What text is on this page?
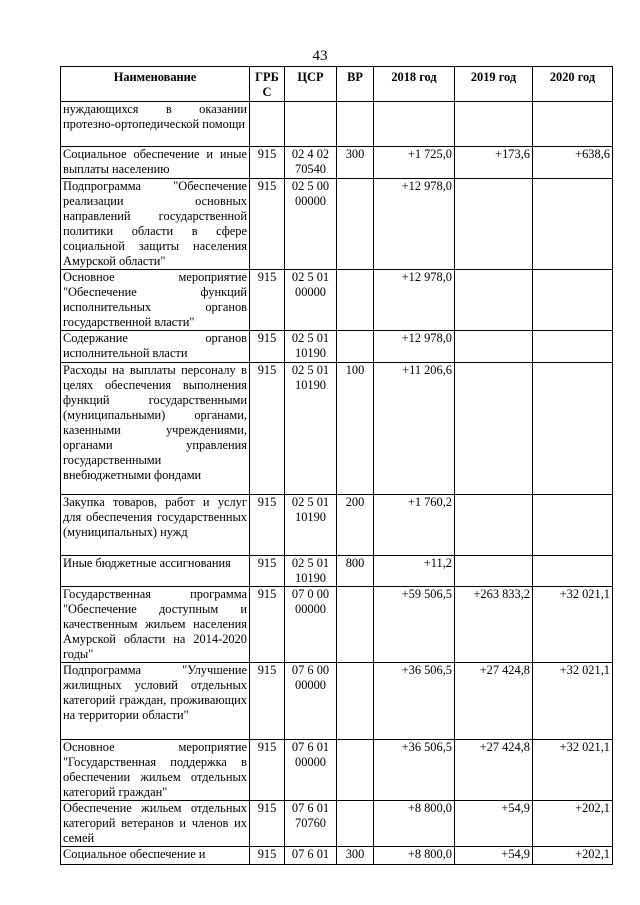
43
Наименование	ГРБС	ЦСР	ВР	2018 год	2019 год	2020 год
нуждающихся в оказании протезно-ортопедической помощи						
Социальное обеспечение и иные выплаты населению	915	02 4 02 70540	300	+1 725,0	+173,6	+638,6
Подпрограмма "Обеспечение реализации основных направлений государственной политики области в сфере социальной защиты населения Амурской области"	915	02 5 00 00000		+12 978,0		
Основное мероприятие "Обеспечение функций исполнительных органов государственной власти"	915	02 5 01 00000		+12 978,0		
Содержание органов исполнительной власти	915	02 5 01 10190		+12 978,0		
Расходы на выплаты персоналу в целях обеспечения выполнения функций государственными (муниципальными) органами, казенными учреждениями, органами управления государственными внебюджетными фондами	915	02 5 01 10190	100	+11 206,6		
Закупка товаров, работ и услуг для обеспечения государственных (муниципальных) нужд	915	02 5 01 10190	200	+1 760,2		
Иные бюджетные ассигнования	915	02 5 01 10190	800	+11,2		
Государственная программа "Обеспечение доступным и качественным жильем населения Амурской области на 2014-2020 годы"	915	07 0 00 00000		+59 506,5	+263 833,2	+32 021,1
Подпрограмма "Улучшение жилищных условий отдельных категорий граждан, проживающих на территории области"	915	07 6 00 00000		+36 506,5	+27 424,8	+32 021,1
Основное мероприятие "Государственная поддержка в обеспечении жильем отдельных категорий граждан"	915	07 6 01 00000		+36 506,5	+27 424,8	+32 021,1
Обеспечение жильем отдельных категорий ветеранов и членов их семей	915	07 6 01 70760		+8 800,0	+54,9	+202,1
Социальное обеспечение и	915	07 6 01	300	+8 800,0	+54,9	+202,1
